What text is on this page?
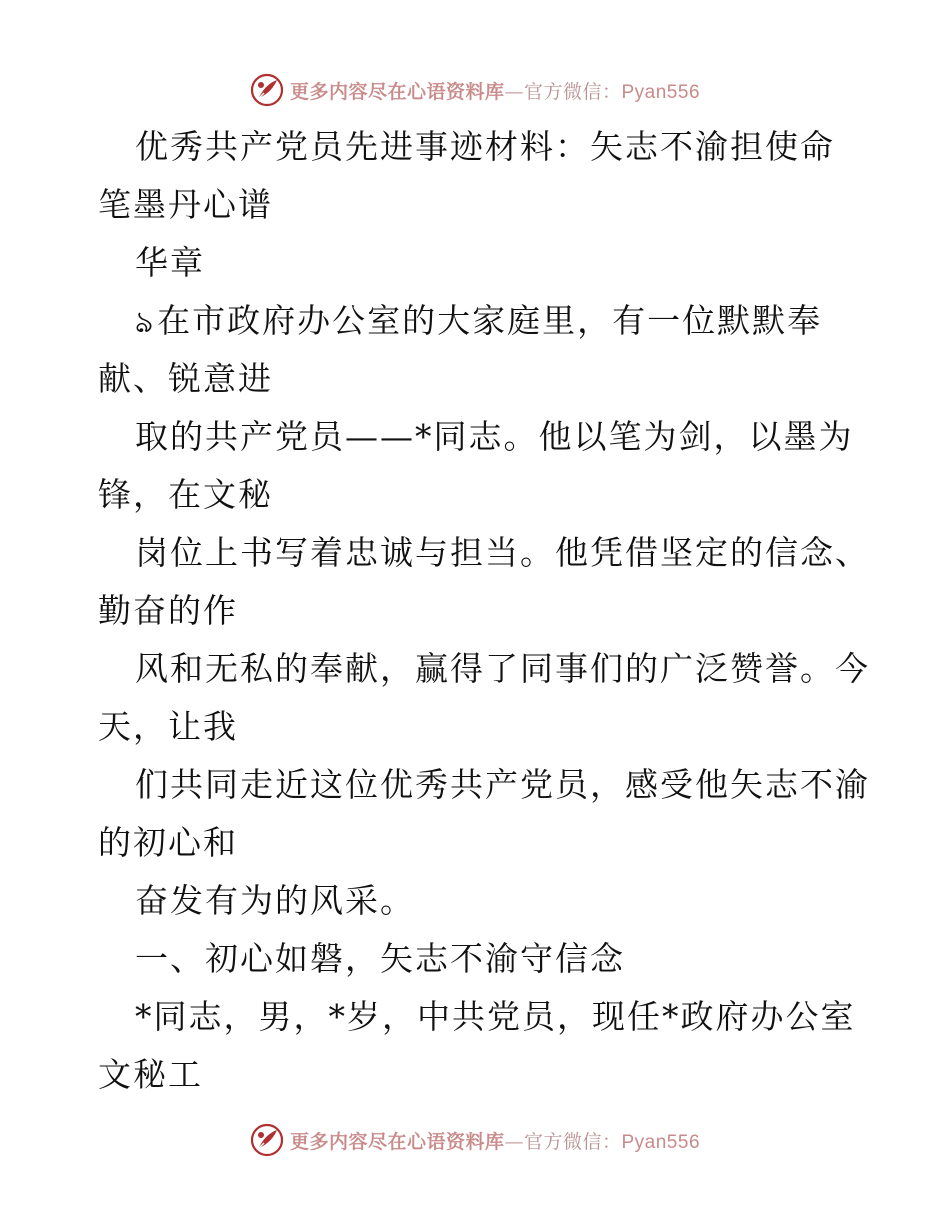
更多内容尽在心语资料库—官方微信：Pyan556
优秀共产党员先进事迹材料：矢志不渝担使命
笔墨丹心谱
华章
ঌ在市政府办公室的大家庭里，有一位默默奉
献、锐意进
取的共产党员——*同志。他以笔为剑，以墨为
锋，在文秘
岗位上书写着忠诚与担当。他凭借坚定的信念、
勤奋的作
风和无私的奉献，赢得了同事们的广泛赞誉。今
天，让我
们共同走近这位优秀共产党员，感受他矢志不渝
的初心和
奋发有为的风采。
一、初心如磐，矢志不渝守信念
*同志，男，*岁，中共党员，现任*政府办公室
文秘工
更多内容尽在心语资料库—官方微信：Pyan556
